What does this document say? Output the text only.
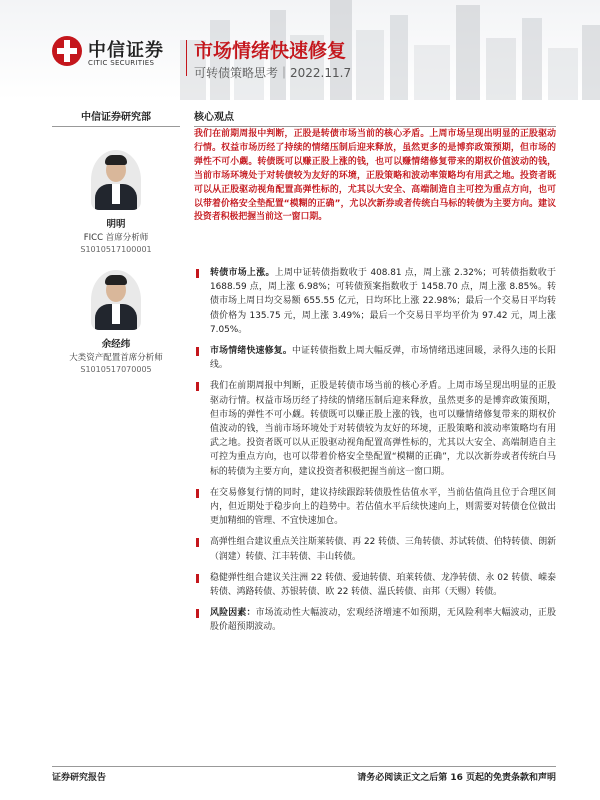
中信证券
CITIC SECURITIES
市场情绪快速修复
可转债策略思考｜2022.11.7
中信证券研究部	核心观点
明明
FICC 首席分析师
S1010517100001
余经纬
大类资产配置首席分析师
S1010517070005
我们在前期周报中判断，正股是转债市场当前的核心矛盾。上周市场呈现出明显的正股驱动行情。权益市场历经了持续的情绪压制后迎来释放，虽然更多的是博弈政策预期，但市场的弹性不可小觑。转债既可以赚正股上涨的钱，也可以赚情绪修复带来的期权价值波动的钱，当前市场环境处于对转债较为友好的环境，正股策略和波动率策略均有用武之地。投资者既可以从正股驱动视角配置高弹性标的，尤其以大安全、高端制造自主可控为重点方向，也可以带着价格安全垫配置“模糊的正确”，尤以次新券或者传统白马标的转债为主要方向。建议投资者积极把握当前这一窗口期。
转债市场上涨。上周中证转债指数收于 408.81 点，周上涨 2.32%；可转债指数收于 1688.59 点，周上涨 6.98%；可转债预案指数收于 1458.70 点，周上涨 8.85%。转债市场上周日均交易额 655.55 亿元，日均环比上涨 22.98%；最后一个交易日平均转债价格为 135.75 元，周上涨 3.49%；最后一个交易日平均平价为 97.42 元，周上涨 7.05%。
市场情绪快速修复。中证转债指数上周大幅反弹，市场情绪迅速回暖，录得久违的长阳线。
我们在前期周报中判断，正股是转债市场当前的核心矛盾。上周市场呈现出明显的正股驱动行情。权益市场历经了持续的情绪压制后迎来释放，虽然更多的是博弈政策预期，但市场的弹性不可小觑。转债既可以赚正股上涨的钱，也可以赚情绪修复带来的期权价值波动的钱，当前市场环境处于对转债较为友好的环境，正股策略和波动率策略均有用武之地。投资者既可以从正股驱动视角配置高弹性标的，尤其以大安全、高端制造自主可控为重点方向，也可以带着价格安全垫配置“模糊的正确”，尤以次新券或者传统白马标的转债为主要方向，建议投资者积极把握当前这一窗口期。
在交易修复行情的同时，建议持续跟踪转债股性估值水平，当前估值尚且位于合理区间内，但近期处于稳步向上的趋势中。若估值水平后续快速向上，则需要对转债仓位做出更加精细的管理、不宜快速加仓。
高弹性组合建议重点关注斯莱转债、再 22 转债、三角转债、苏试转债、伯特转债、朗新（润建）转债、江丰转债、丰山转债。
稳健弹性组合建议关注洲 22 转债、爱迪转债、珀莱转债、龙净转债、永 02 转债、嵘泰转债、鸿路转债、苏银转债、欧 22 转债、温氏转债、亩邦（天赐）转债。
风险因素：市场流动性大幅波动，宏观经济增速不如预期，无风险利率大幅波动，正股股价超预期波动。
证券研究报告	请务必阅读正文之后第 16 页起的免责条款和声明
